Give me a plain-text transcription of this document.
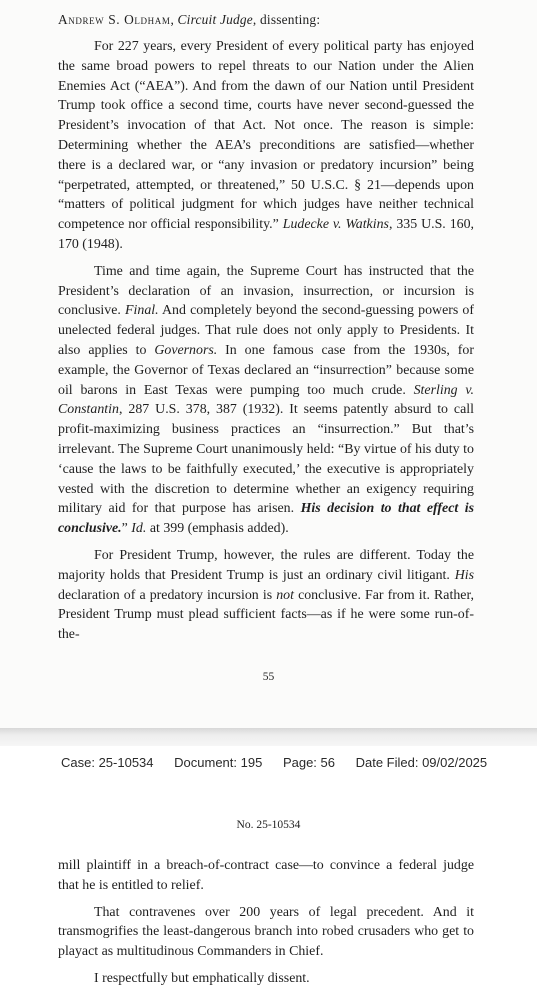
Andrew S. Oldham, Circuit Judge, dissenting:

For 227 years, every President of every political party has enjoyed the same broad powers to repel threats to our Nation under the Alien Enemies Act (“AEA”). And from the dawn of our Nation until President Trump took office a second time, courts have never second-guessed the President’s invocation of that Act. Not once. The reason is simple: Determining whether the AEA’s preconditions are satisfied—whether there is a declared war, or “any invasion or predatory incursion” being “perpetrated, attempted, or threatened,” 50 U.S.C. § 21—depends upon “matters of political judgment for which judges have neither technical competence nor official responsibility.” Ludecke v. Watkins, 335 U.S. 160, 170 (1948).

Time and time again, the Supreme Court has instructed that the President’s declaration of an invasion, insurrection, or incursion is conclusive. Final. And completely beyond the second-guessing powers of unelected federal judges. That rule does not only apply to Presidents. It also applies to Governors. In one famous case from the 1930s, for example, the Governor of Texas declared an “insurrection” because some oil barons in East Texas were pumping too much crude. Sterling v. Constantin, 287 U.S. 378, 387 (1932). It seems patently absurd to call profit-maximizing business practices an “insurrection.” But that’s irrelevant. The Supreme Court unanimously held: “By virtue of his duty to ‘cause the laws to be faithfully executed,’ the executive is appropriately vested with the discretion to determine whether an exigency requiring military aid for that purpose has arisen. His decision to that effect is conclusive.” Id. at 399 (emphasis added).

For President Trump, however, the rules are different. Today the majority holds that President Trump is just an ordinary civil litigant. His declaration of a predatory incursion is not conclusive. Far from it. Rather, President Trump must plead sufficient facts—as if he were some run-of-the-

55
Case: 25-10534 Document: 195 Page: 56 Date Filed: 09/02/2025
No. 25-10534

mill plaintiff in a breach-of-contract case—to convince a federal judge that he is entitled to relief.

That contravenes over 200 years of legal precedent. And it transmogrifies the least-dangerous branch into robed crusaders who get to playact as multitudinous Commanders in Chief.

I respectfully but emphatically dissent.
